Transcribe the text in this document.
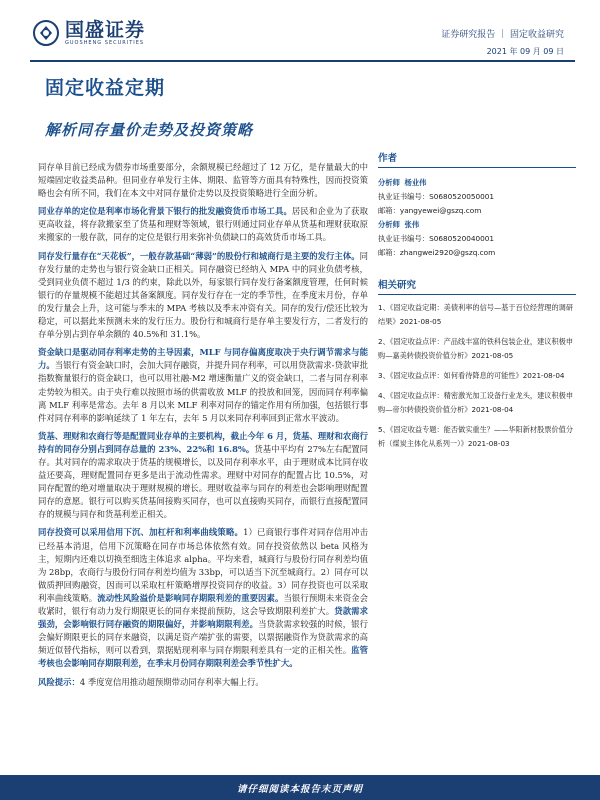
国盛证券
GUOSHENG SECURITIES
证券研究报告 ｜ 固定收益研究
2021 年 09 月 09 日
固定收益定期
解析同存量价走势及投资策略

同存单目前已经成为债券市场重要部分，余额规模已经超过了 12 万亿，是存量最大的中短端固定收益类品种。但同业存单发行主体、期限、监管等方面具有特殊性，因而投资策略也会有所不同，我们在本文中对同存量价走势以及投资策略进行全面分析。

同业存单的定位是利率市场化背景下银行的批发融资货币市场工具。居民和企业为了获取更高收益，将存款搬家至了货基和理财等领域，银行则通过同业存单从货基和理财获取原来搬家的一般存款，同存的定位是银行用来弥补负债缺口的高效货币市场工具。

同存发行量存在“天花板”，一般存款基础“薄弱”的股份行和城商行是主要的发行主体。同存发行量的走势也与银行资金缺口正相关。同存融资已经纳入 MPA 中的同业负债考核，受到同业负债不超过 1/3 的约束，除此以外，每家银行同存发行备案额度管理，任何时候银行的存量规模不能超过其备案额度。同存发行存在一定的季节性，在季度末月份，存单的发行量会上升，这可能与季末的 MPA 考核以及季末冲资有关。同存的发行/偿还比较为稳定，可以据此来预测未来的发行压力。股份行和城商行是存单主要发行方，二者发行的存单分别占到存单余额的 40.5%和 31.1%。

资金缺口是驱动同存利率走势的主导因素，MLF 与同存偏离度取决于央行调节需求与能力。当银行有资金缺口时，会加大同存融资，并提升同存利率，可以用贷款需求-贷款审批指数衡量银行的资金缺口，也可以用社融-M2 增速衡量广义的资金缺口，二者与同存利率走势较为相关。由于央行难以按照市场的供需收放 MLF 的投放和回笼，因而同存利率偏离 MLF 利率是常态。去年 8 月以来 MLF 利率对同存的锚定作用有所加强，包括银行事件对同存利率的影响延续了 1 年左右，去年 5 月以来同存利率回到正常水平波动。

货基、理财和农商行等是配置同业存单的主要机构，截止今年 6 月，货基、理财和农商行持有的同存分别占到同存总量的 23%、22%和 16.8%。货基中平均有 27%左右配置同存。其对同存的需求取决于货基的规模增长，以及同存利率水平，由于理财成本比同存收益还要高，理财配置同存更多是出于流动性需求。理财中对同存的配置占比 10.5%，对同存配置的绝对增量取决于理财规模的增长。理财收益率与同存的利差也会影响理财配置同存的意愿。银行可以购买货基间接购买同存，也可以直接购买同存，而银行直接配置同存的规模与同存和货基利差正相关。

同存投资可以采用信用下沉、加杠杆和利率曲线策略。1）已商银行事件对同存信用冲击已经基本消退，信用下沉策略在同存市场总体依然有效。同存投资依然以 beta 风格为主，短期内还难以切换至细选主体追求 alpha。平均来看，城商行与股份行同存利差均值为 28bp，农商行与股份行同存利差均值为 33bp，可以适当下沉至城商行。2）同存可以做质押回购融资，因而可以采取杠杆策略增厚投资同存的收益。3）同存投资也可以采取利率曲线策略。流动性风险溢价是影响同存期限利差的重要因素。当银行预期未来资金会收紧时，银行有动力发行期限更长的同存来提前预防，这会导致期限利差扩大。贷款需求强劲，会影响银行同存融资的期限偏好，并影响期限利差。当贷款需求较强的时候，银行会偏好期限更长的同存来融资，以满足资产端扩张的需要，以票据融资作为贷款需求的高频近似替代指标，则可以看到，票据贴现利率与同存期限利差具有一定的正相关性。监管考核也会影响同存期限利差，在季末月份同存期限利差会季节性扩大。

风险提示：4 季度宽信用推动超预期带动同存利率大幅上行。

作者
分析师 杨业伟
执业证书编号：S0680520050001
邮箱：yangyewei@gszq.com
分析师 张伟
执业证书编号：S0680520040001
邮箱：zhangwei2920@gszq.com
相关研究
1、《固定收益定期：美债利率的信号—基于百位经营理的调研结果》2021-08-05
2、《固定收益点评：产品线丰富的铁科包装企业，建议积极申购—嘉美转债投资价值分析》2021-08-05
3、《固定收益点评：如何看待降息的可能性》2021-08-04
4、《固定收益点评：精密激光加工设备行业龙头，建议积极申购—帝尔转债投资价值分析》2021-08-04
5、《固定收益专题：能否做实重生？——华阳新材股票价值分析（煤炭主体化从系列一）》2021-08-03
请仔细阅读本报告末页声明
